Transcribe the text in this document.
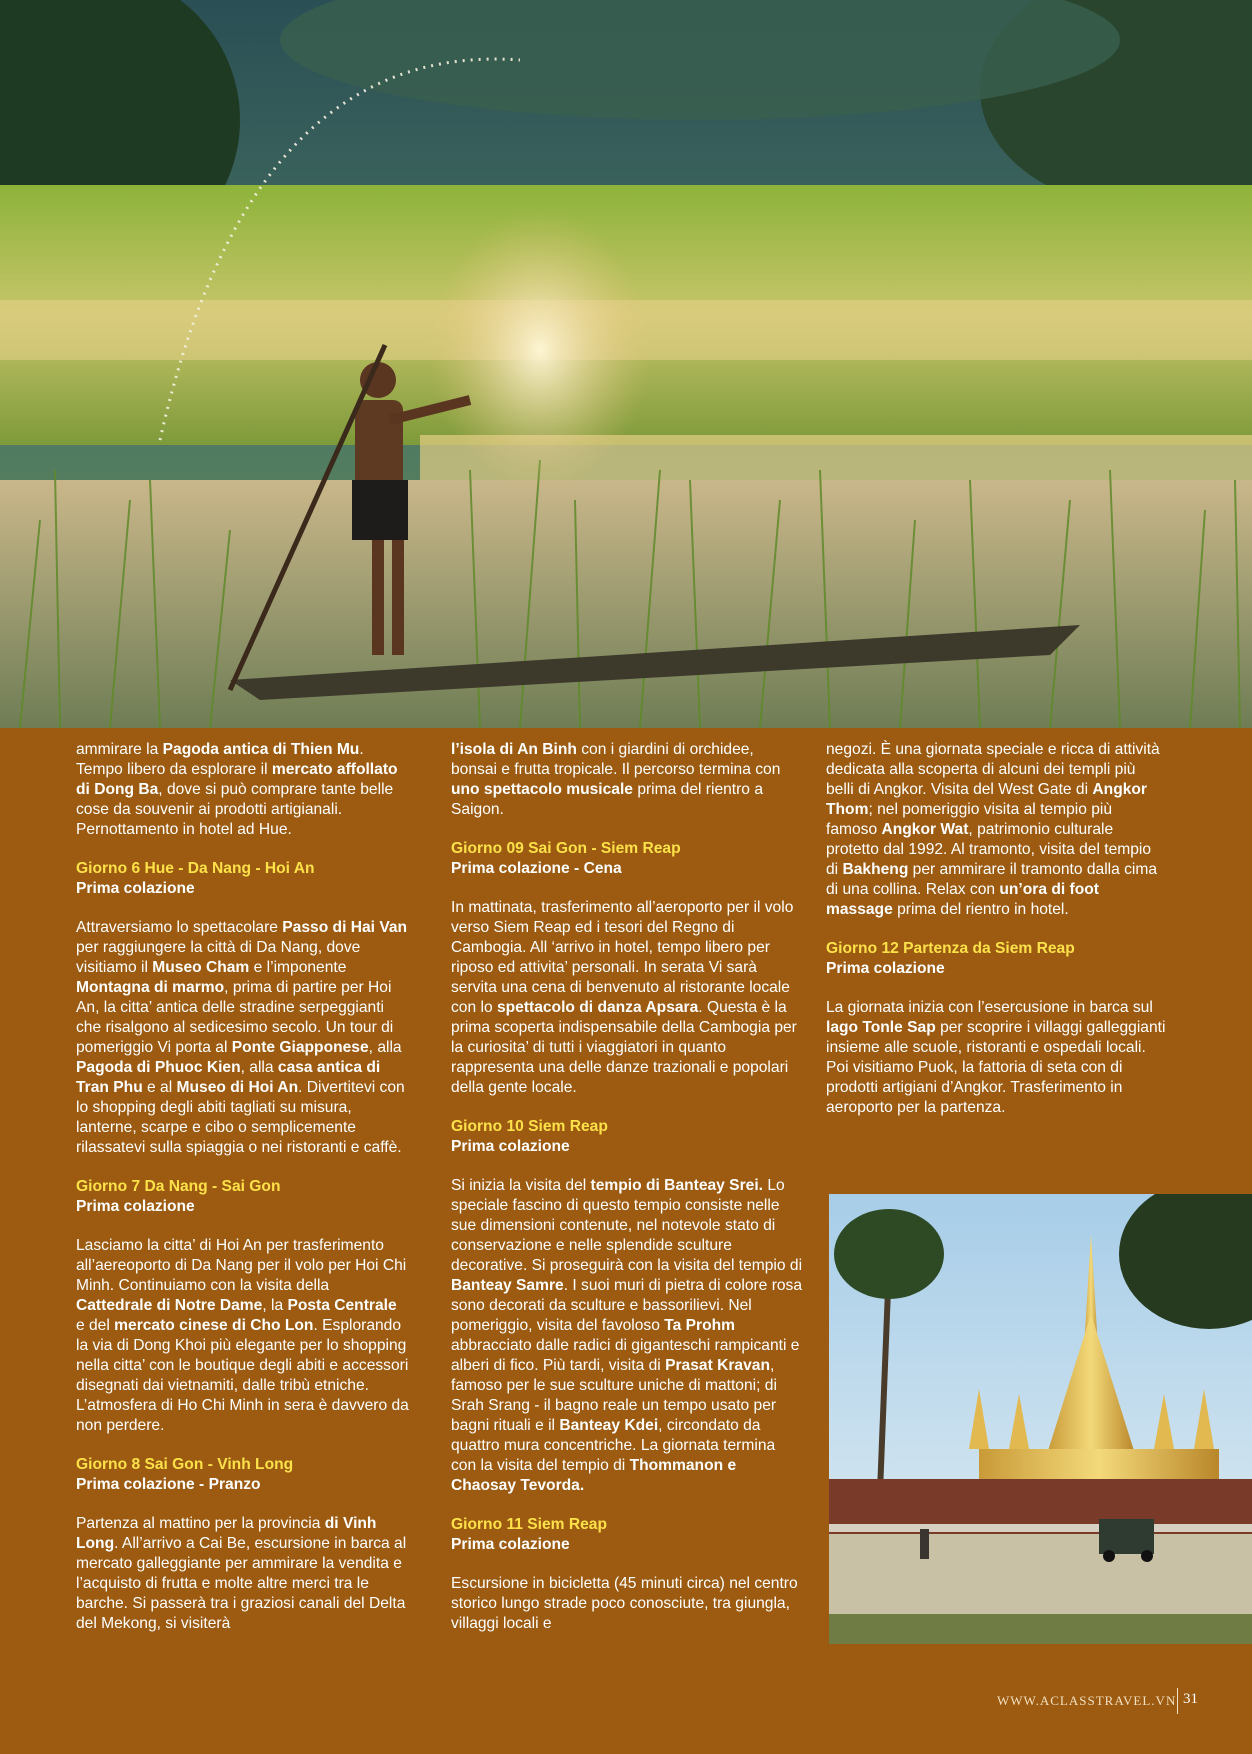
ammirare la Pagoda antica di Thien Mu. Tempo libero da esplorare il mercato affollato di Dong Ba, dove si può comprare tante belle cose da souvenir ai prodotti artigianali. Pernottamento in hotel ad Hue.

Giorno 6 Hue - Da Nang - Hoi An
Prima colazione

Attraversiamo lo spettacolare Passo di Hai Van per raggiungere la città di Da Nang, dove visitiamo il Museo Cham e l’imponente Montagna di marmo, prima di partire per Hoi An, la citta’ antica delle stradine serpeggianti che risalgono al sedicesimo secolo. Un tour di pomeriggio Vi porta al Ponte Giapponese, alla Pagoda di Phuoc Kien, alla casa antica di Tran Phu e al Museo di Hoi An. Divertitevi con lo shopping degli abiti tagliati su misura, lanterne, scarpe e cibo o semplicemente rilassatevi sulla spiaggia o nei ristoranti e caffè.

Giorno 7 Da Nang - Sai Gon
Prima colazione

Lasciamo la citta’ di Hoi An per trasferimento all’aereoporto di Da Nang per il volo per Hoi Chi Minh. Continuiamo con la visita della Cattedrale di Notre Dame, la Posta Centrale e del mercato cinese di Cho Lon. Esplorando la via di Dong Khoi più elegante per lo shopping nella citta’ con le boutique degli abiti e accessori disegnati dai vietnamiti, dalle tribù etniche. L’atmosfera di Ho Chi Minh in sera è davvero da non perdere.

Giorno 8 Sai Gon - Vinh Long
Prima colazione - Pranzo

Partenza al mattino per la provincia di Vinh Long. All’arrivo a Cai Be, escursione in barca al mercato galleggiante per ammirare la vendita e l’acquisto di frutta e molte altre merci tra le barche. Si passerà tra i graziosi canali del Delta del Mekong, si visiterà

l’isola di An Binh con i giardini di orchidee, bonsai e frutta tropicale. Il percorso termina con uno spettacolo musicale prima del rientro a Saigon.

Giorno 09 Sai Gon - Siem Reap
Prima colazione - Cena

In mattinata, trasferimento all’aeroporto per il volo verso Siem Reap ed i tesori del Regno di Cambogia. All ‘arrivo in hotel, tempo libero per riposo ed attivita’ personali. In serata Vi sarà servita una cena di benvenuto al ristorante locale con lo spettacolo di danza Apsara. Questa è la prima scoperta indispensabile della Cambogia per la curiosita’ di tutti i viaggiatori in quanto rappresenta una delle danze trazionali e popolari della gente locale.

Giorno 10 Siem Reap
Prima colazione

Si inizia la visita del tempio di Banteay Srei. Lo speciale fascino di questo tempio consiste nelle sue dimensioni contenute, nel notevole stato di conservazione e nelle splendide sculture decorative. Si proseguirà con la visita del tempio di Banteay Samre. I suoi muri di pietra di colore rosa sono decorati da sculture e bassorilievi. Nel pomeriggio, visita del favoloso Ta Prohm abbracciato dalle radici di giganteschi rampicanti e alberi di fico. Più tardi, visita di Prasat Kravan, famoso per le sue sculture uniche di mattoni; di Srah Srang - il bagno reale un tempo usato per bagni rituali e il Banteay Kdei, circondato da quattro mura concentriche. La giornata termina con la visita del tempio di Thommanon e Chaosay Tevorda.

Giorno 11 Siem Reap
Prima colazione

Escursione in bicicletta (45 minuti circa) nel centro storico lungo strade poco conosciute, tra giungla, villaggi locali e

negozi. È una giornata speciale e ricca di attività dedicata alla scoperta di alcuni dei templi più belli di Angkor. Visita del West Gate di Angkor Thom; nel pomeriggio visita al tempio più famoso Angkor Wat, patrimonio culturale protetto dal 1992. Al tramonto, visita del tempio di Bakheng per ammirare il tramonto dalla cima di una collina. Relax con un’ora di foot massage prima del rientro in hotel.

Giorno 12 Partenza da Siem Reap
Prima colazione

La giornata inizia con l’esercusione in barca sul lago Tonle Sap per scoprire i villaggi galleggianti insieme alle scuole, ristoranti e ospedali locali. Poi visitiamo Puok, la fattoria di seta con di prodotti artigiani d’Angkor. Trasferimento in aeroporto per la partenza.

WWW.ACLASSTRAVEL.VN 31
